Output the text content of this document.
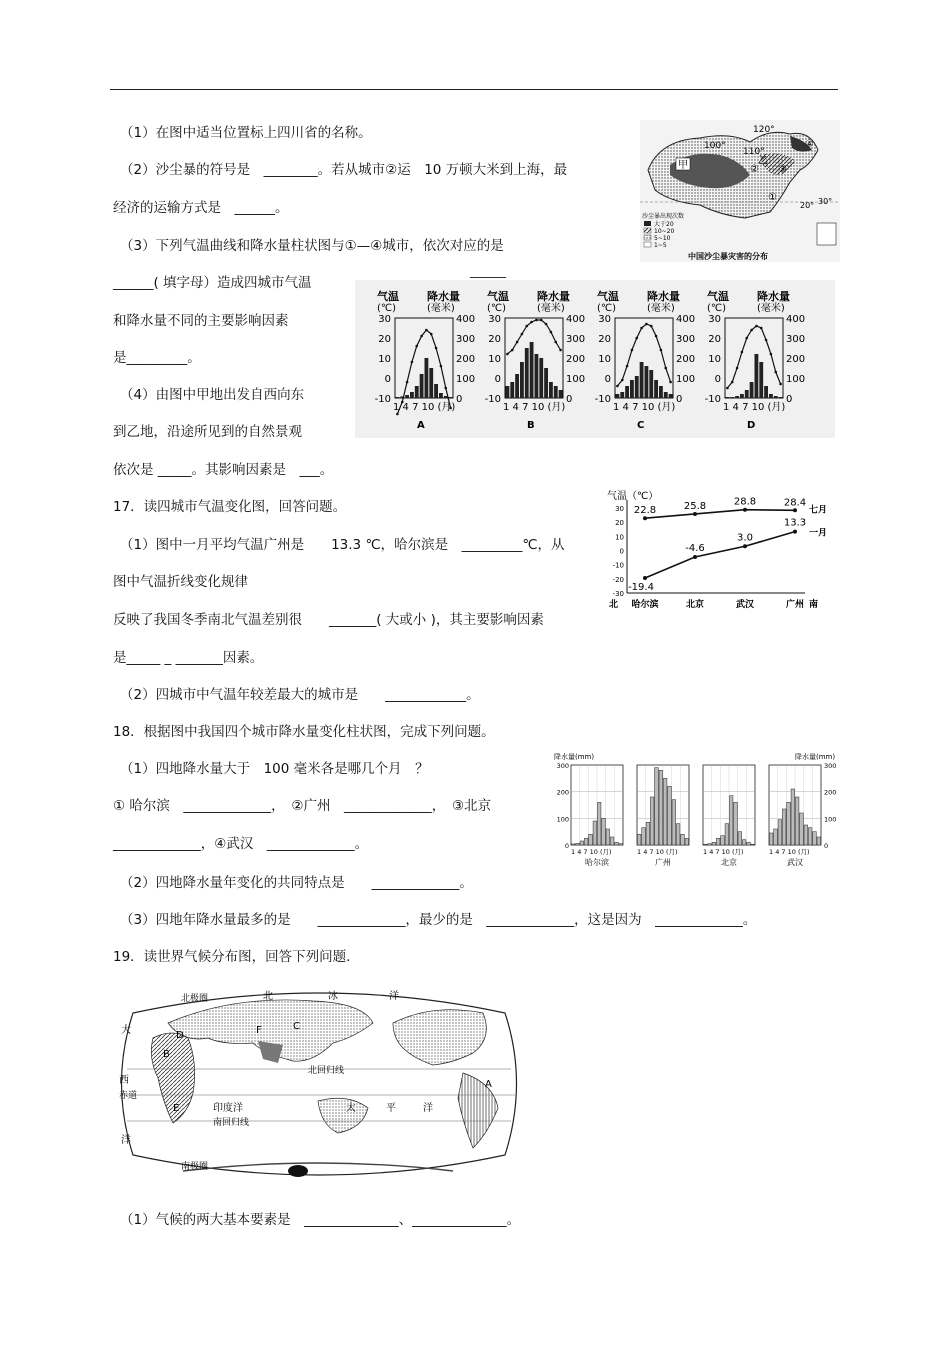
（1）在图中适当位置标上四川省的名称。
（2）沙尘暴的符号是　________。若从城市②运　10 万顿大米到上海，最
经济的运输方式是　______。
（3）下列气温曲线和降水量柱状图与①—④城市，依次对应的是
______
______( 填字母）造成四城市气温
和降水量不同的主要影响因素
是_________。
（4）由图中甲地出发自西向东
到乙地，沿途所见到的自然景观
依次是 _____。其影响因素是　___。
17．读四城市气温变化图，回答问题。
（1）图中一月平均气温广州是　　13.3 ℃，哈尔滨是　_________℃，从
图中气温折线变化规律
反映了我国冬季南北气温差别很　　_______( 大或小 )，其主要影响因素
是_____ _ _______因素。
（2）四城市中气温年较差最大的城市是　　____________。
18．根据图中我国四个城市降水量变化柱状图，完成下列问题。
（1）四地降水量大于　100 毫米各是哪几个月　？
① 哈尔滨　_____________，　②广州　_____________，　③北京
_____________，④武汉　_____________。
（2）四地降水量年变化的共同特点是　　_____________。
（3）四地年降水量最多的是　　_____________，最少的是　_____________，这是因为　_____________。
19．读世界气候分布图，回答下列问题.
（1）气候的两大基本要素是　______________、______________。
120°
100°
110°
30°
20°
甲	乙
①
② ③
④
沙尘暴出现次数
大于20
10~20
5~10
1~5
中国沙尘暴灾害的分布
气温
(℃)
降水量
(毫米)
30	400
20	300
10	200
0	100
-10	0
1 4 7 10 (月)
A
气温
(℃)
降水量
(毫米)
30	400
20	300
10	200
0	100
-10	0
1 4 7 10 (月)
B
气温
(℃)
降水量
(毫米)
30	400
20	300
10	200
0	100
-10	0
1 4 7 10 (月)
C
气温
(℃)
降水量
(毫米)
30	400
20	300
10	200
0	100
-10	0
1 4 7 10 (月)
D
气温（℃）
30
20
10
0
-10
-20
-30
哈尔滨	北京	武汉	广州
北	南
22.8	25.8	28.8	28.4
七月
-19.4
-4.6
3.0
13.3
一月
降水量(mm)	降水量(mm)
1 4 7 10 (月)
哈尔滨
1 4 7 10 (月)
广州
1 4 7 10 (月)
北京
1 4 7 10 (月)
武汉
300	300
200	200
100	100
0	0
北极圈	北	冰	洋
大
西
洋
赤道
北回归线
南回归线
印度洋	太	平	洋
南极圈
A
B
C
D
E
F
